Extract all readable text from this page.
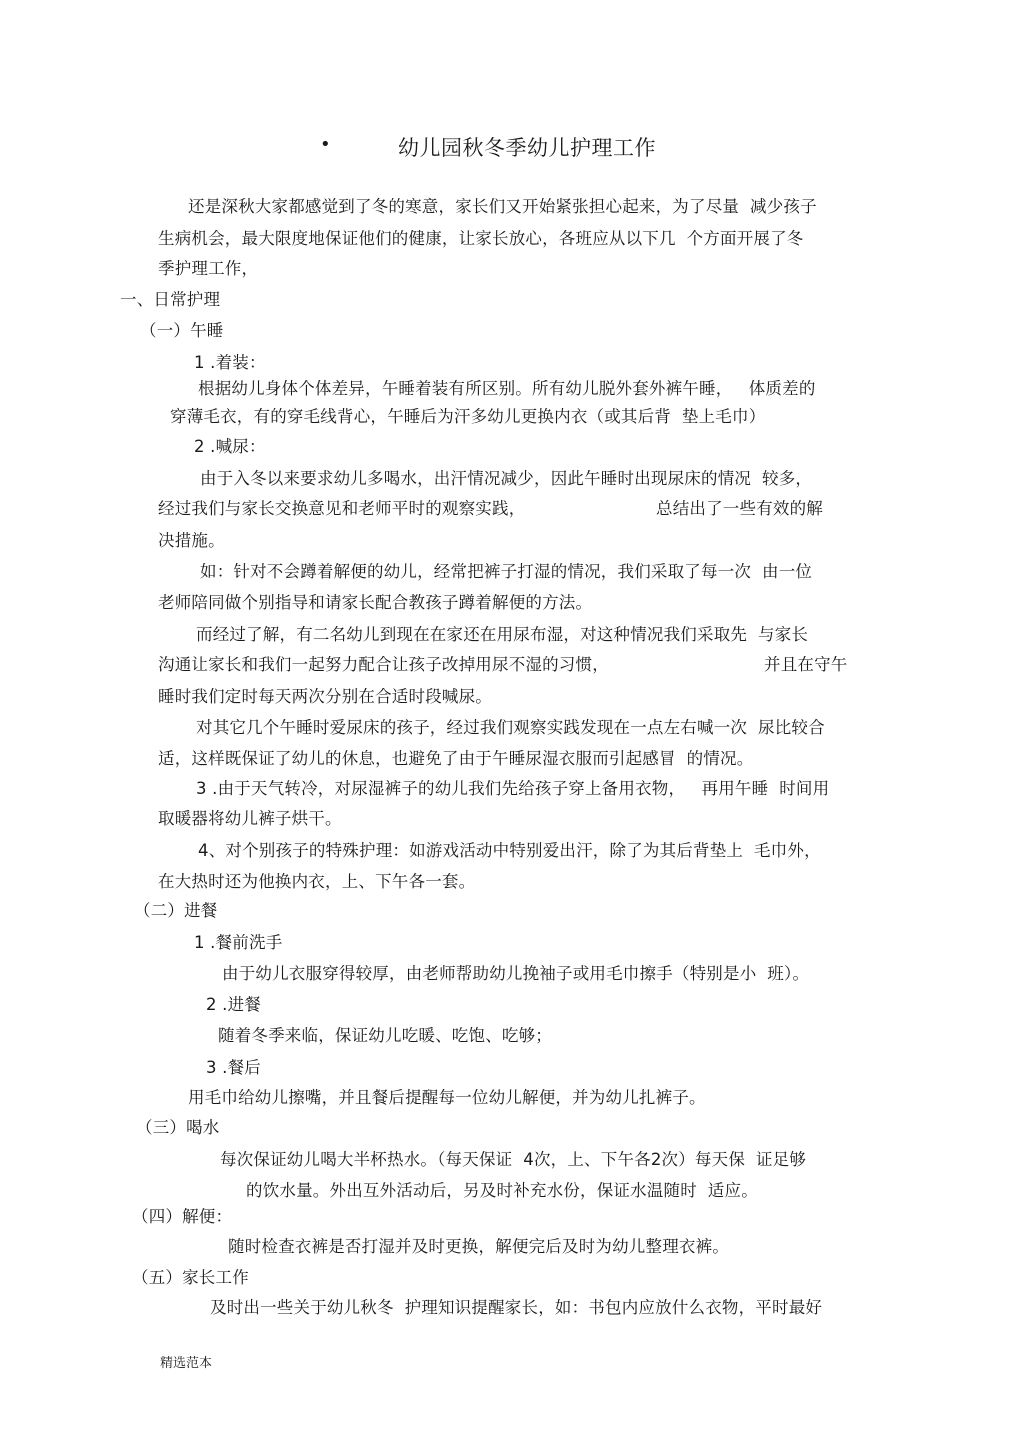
•	幼儿园秋冬季幼儿护理工作
还是深秋大家都感觉到了冬的寒意，家长们又开始紧张担心起来，为了尽量  减少孩子
生病机会，最大限度地保证他们的健康，让家长放心，各班应从以下几  个方面开展了冬
季护理工作，
一、日常护理
（一）午睡
1 .着装：
根据幼儿身体个体差异，午睡着装有所区别。所有幼儿脱外套外裤午睡，   体质差的
穿薄毛衣，有的穿毛线背心，午睡后为汗多幼儿更换内衣（或其后背  垫上毛巾）
2 .喊尿：
由于入冬以来要求幼儿多喝水，出汗情况减少，因此午睡时出现尿床的情况  较多，
经过我们与家长交换意见和老师平时的观察实践，	总结出了一些有效的解
决措施。
如：针对不会蹲着解便的幼儿，经常把裤子打湿的情况，我们采取了每一次  由一位
老师陪同做个别指导和请家长配合教孩子蹲着解便的方法。
而经过了解，有二名幼儿到现在在家还在用尿布湿，对这种情况我们采取先  与家长
沟通让家长和我们一起努力配合让孩子改掉用尿不湿的习惯，	并且在守午
睡时我们定时每天两次分别在合适时段喊尿。
对其它几个午睡时爱尿床的孩子，经过我们观察实践发现在一点左右喊一次  尿比较合
适，这样既保证了幼儿的休息，也避免了由于午睡尿湿衣服而引起感冒  的情况。
3 .由于天气转冷，对尿湿裤子的幼儿我们先给孩子穿上备用衣物，   再用午睡  时间用
取暖器将幼儿裤子烘干。
4、对个别孩子的特殊护理：如游戏活动中特别爱出汗，除了为其后背垫上  毛巾外，
在大热时还为他换内衣，上、下午各一套。
（二）进餐
1 .餐前洗手
由于幼儿衣服穿得较厚，由老师帮助幼儿挽袖子或用毛巾擦手（特别是小  班）。
2 .进餐
随着冬季来临，保证幼儿吃暖、吃饱、吃够；
3 .餐后
用毛巾给幼儿擦嘴，并且餐后提醒每一位幼儿解便，并为幼儿扎裤子。
（三）喝水
每次保证幼儿喝大半杯热水。（每天保证  4次，上、下午各2次）每天保  证足够
的饮水量。外出互外活动后，另及时补充水份，保证水温随时  适应。
（四）解便：
随时检查衣裤是否打湿并及时更换，解便完后及时为幼儿整理衣裤。
（五）家长工作
及时出一些关于幼儿秋冬  护理知识提醒家长，如：书包内应放什么衣物，平时最好
精选范本
